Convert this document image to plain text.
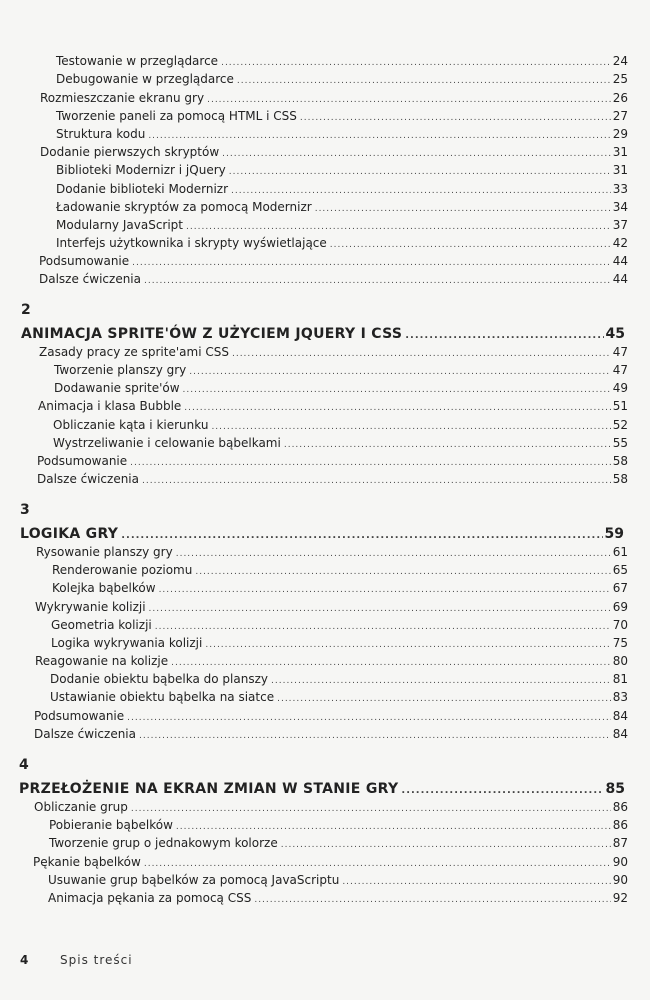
Testowanie w przeglądarce .....	24
Debugowanie w przeglądarce .....	25
Rozmieszczanie ekranu gry .....	26
Tworzenie paneli za pomocą HTML i CSS .....	27
Struktura kodu .....	29
Dodanie pierwszych skryptów .....	31
Biblioteki Modernizr i jQuery .....	31
Dodanie biblioteki Modernizr .....	33
Ładowanie skryptów za pomocą Modernizr .....	34
Modularny JavaScript .....	37
Interfejs użytkownika i skrypty wyświetlające .....	42
Podsumowanie .....	44
Dalsze ćwiczenia .....	44
2
ANIMACJA SPRITE'ÓW Z UŻYCIEM JQUERY I CSS .....	45
Zasady pracy ze sprite'ami CSS .....	47
Tworzenie planszy gry .....	47
Dodawanie sprite'ów .....	49
Animacja i klasa Bubble .....	51
Obliczanie kąta i kierunku .....	52
Wystrzeliwanie i celowanie bąbelkami .....	55
Podsumowanie .....	58
Dalsze ćwiczenia .....	58
3
LOGIKA GRY .....	59
Rysowanie planszy gry .....	61
Renderowanie poziomu .....	65
Kolejka bąbelków .....	67
Wykrywanie kolizji .....	69
Geometria kolizji .....	70
Logika wykrywania kolizji .....	75
Reagowanie na kolizje .....	80
Dodanie obiektu bąbelka do planszy .....	81
Ustawianie obiektu bąbelka na siatce .....	83
Podsumowanie .....	84
Dalsze ćwiczenia .....	84
4
PRZEŁOŻENIE NA EKRAN ZMIAN W STANIE GRY .....	85
Obliczanie grup .....	86
Pobieranie bąbelków .....	86
Tworzenie grup o jednakowym kolorze .....	87
Pękanie bąbelków .....	90
Usuwanie grup bąbelków za pomocą JavaScriptu .....	90
Animacja pękania za pomocą CSS .....	92
4	Spis treści
